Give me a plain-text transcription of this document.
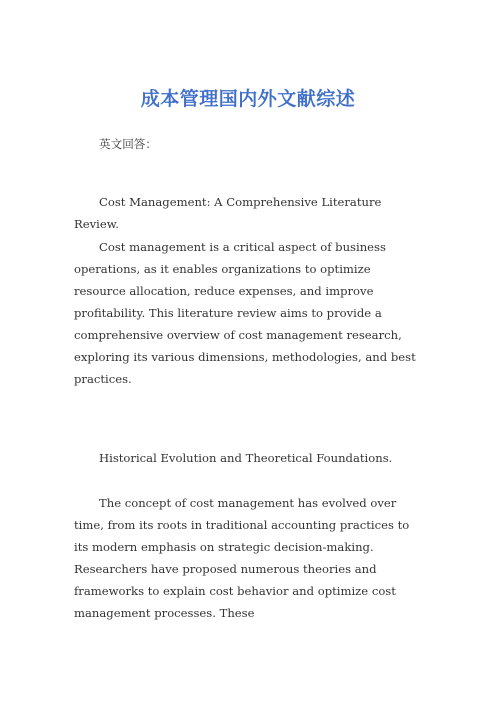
成本管理国内外文献综述

英文回答：

Cost Management: A Comprehensive Literature Review.

Cost management is a critical aspect of business operations, as it enables organizations to optimize resource allocation, reduce expenses, and improve profitability. This literature review aims to provide a comprehensive overview of cost management research, exploring its various dimensions, methodologies, and best practices.

Historical Evolution and Theoretical Foundations.

The concept of cost management has evolved over time, from its roots in traditional accounting practices to its modern emphasis on strategic decision-making. Researchers have proposed numerous theories and frameworks to explain cost behavior and optimize cost management processes. These
